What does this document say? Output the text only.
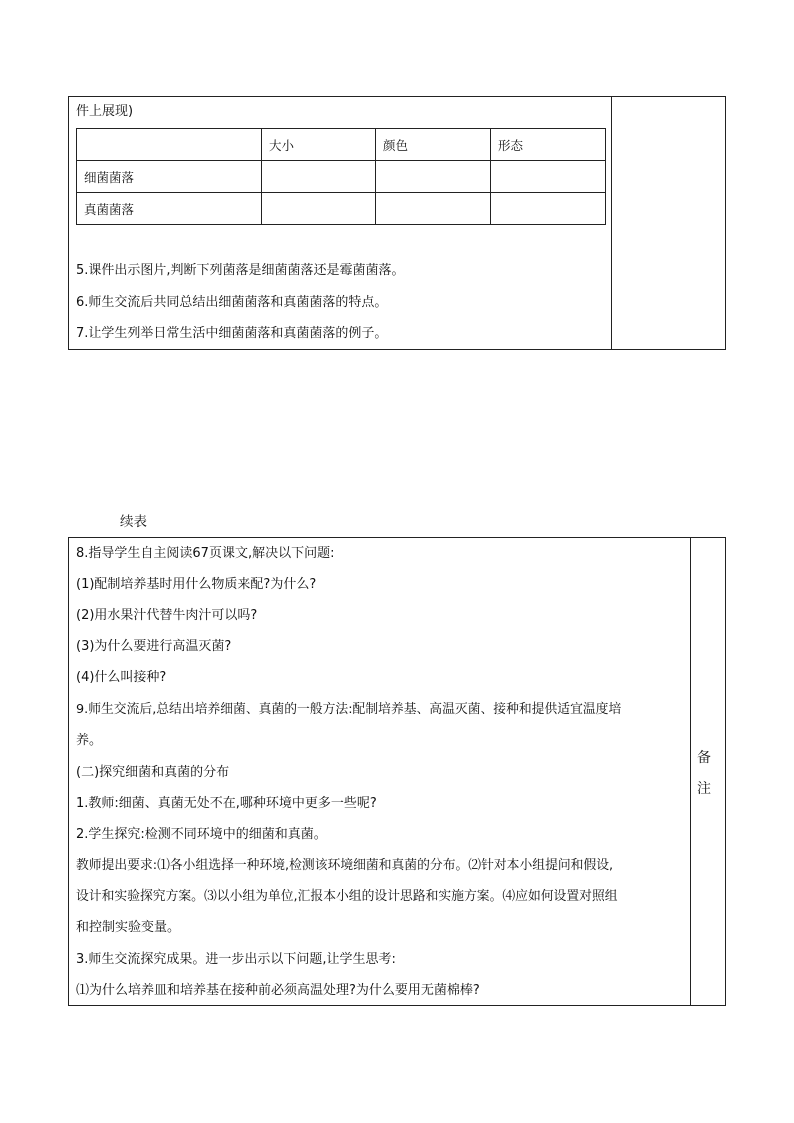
件上展现)
	大小	颜色	形态
细菌菌落			
真菌菌落			
5.课件出示图片,判断下列菌落是细菌菌落还是霉菌菌落。
6.师生交流后共同总结出细菌菌落和真菌菌落的特点。
7.让学生列举日常生活中细菌菌落和真菌菌落的例子。
续表
8.指导学生自主阅读67页课文,解决以下问题:
(1)配制培养基时用什么物质来配?为什么?
(2)用水果汁代替牛肉汁可以吗?
(3)为什么要进行高温灭菌?
(4)什么叫接种?
9.师生交流后,总结出培养细菌、真菌的一般方法:配制培养基、高温灭菌、接种和提供适宜温度培
养。
(二)探究细菌和真菌的分布
1.教师:细菌、真菌无处不在,哪种环境中更多一些呢?
2.学生探究:检测不同环境中的细菌和真菌。
教师提出要求:⑴各小组选择一种环境,检测该环境细菌和真菌的分布。⑵针对本小组提问和假设,
设计和实验探究方案。⑶以小组为单位,汇报本小组的设计思路和实施方案。⑷应如何设置对照组
和控制实验变量。
3.师生交流探究成果。进一步出示以下问题,让学生思考:
⑴为什么培养皿和培养基在接种前必须高温处理?为什么要用无菌棉棒?
备
注
